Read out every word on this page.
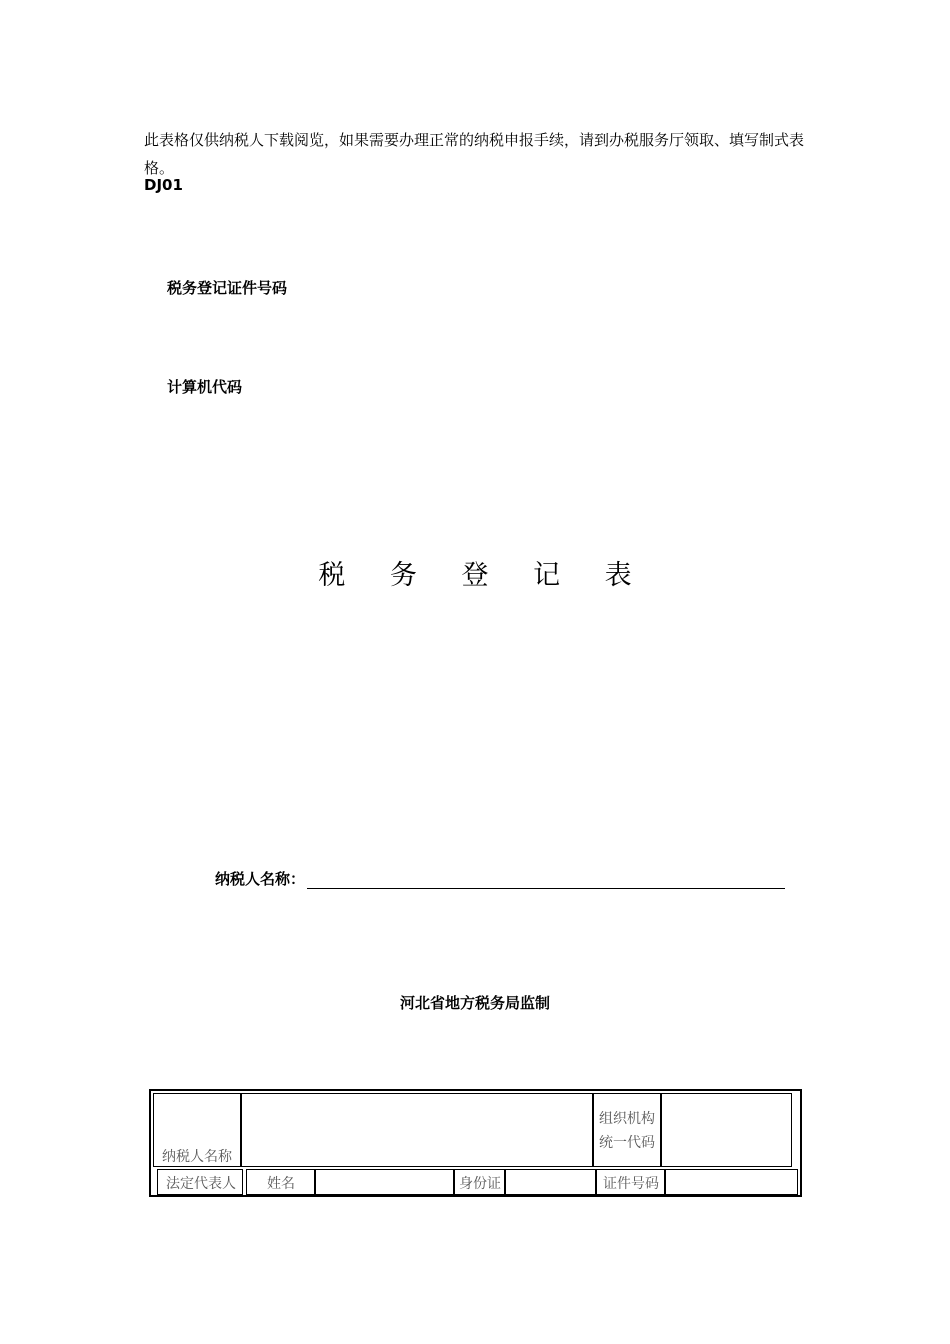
此表格仅供纳税人下载阅览，如果需要办理正常的纳税申报手续，请到办税服务厅领取、填写制式表格。
DJ01
税务登记证件号码
计算机代码
税 务 登 记 表
纳税人名称：
河北省地方税务局监制
纳税人名称
组织机构
统一代码
法定代表人 姓名	身份证	证件号码
